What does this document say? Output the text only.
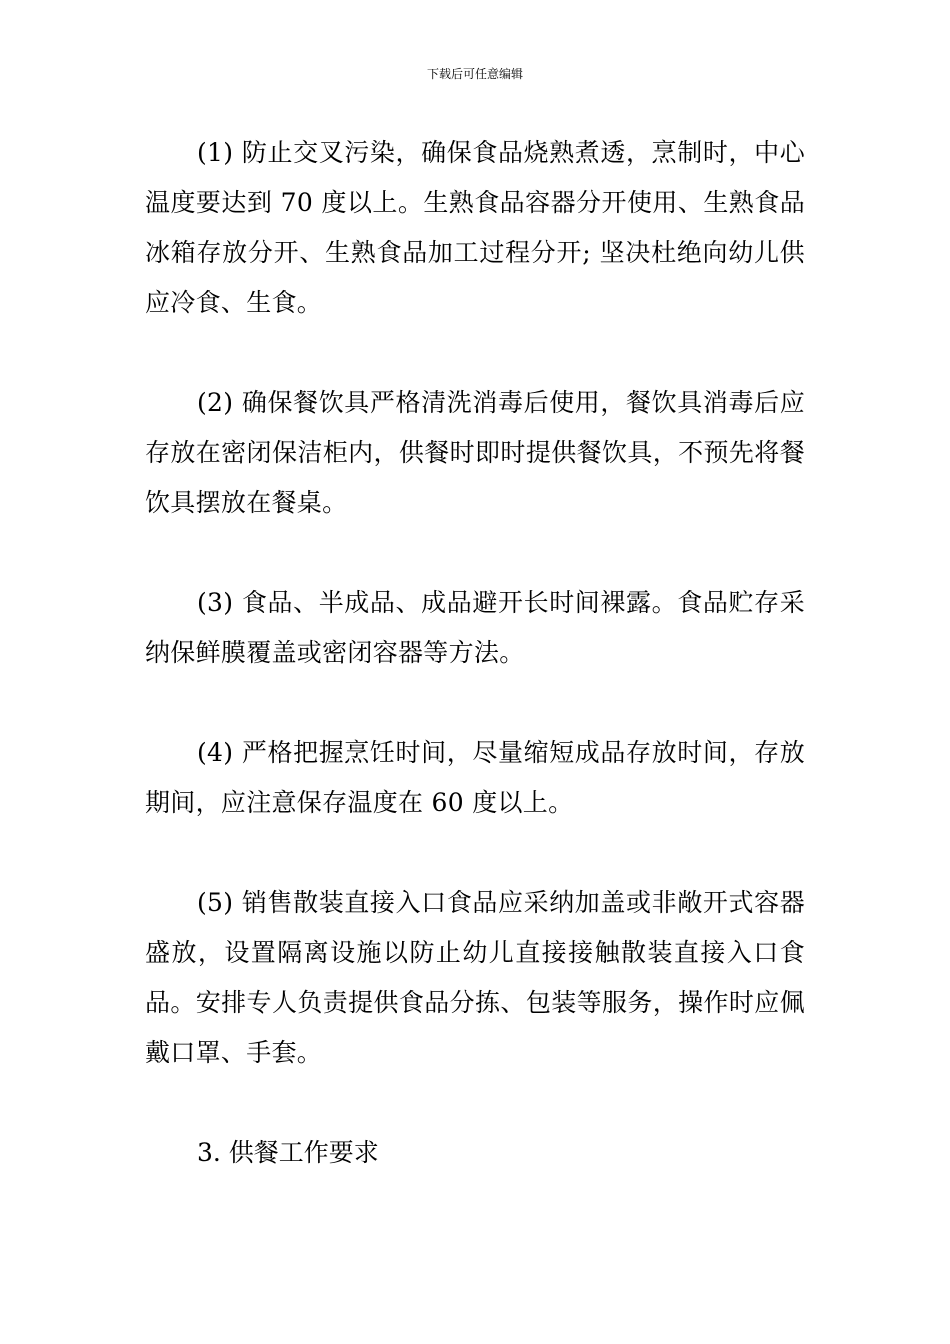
下载后可任意编辑

(1) 防止交叉污染，确保食品烧熟煮透，烹制时，中心温度要达到 70 度以上。生熟食品容器分开使用、生熟食品冰箱存放分开、生熟食品加工过程分开; 坚决杜绝向幼儿供应冷食、生食。

(2) 确保餐饮具严格清洗消毒后使用，餐饮具消毒后应存放在密闭保洁柜内，供餐时即时提供餐饮具，不预先将餐饮具摆放在餐桌。

(3) 食品、半成品、成品避开长时间裸露。食品贮存采纳保鲜膜覆盖或密闭容器等方法。

(4) 严格把握烹饪时间，尽量缩短成品存放时间，存放期间，应注意保存温度在 60 度以上。

(5) 销售散装直接入口食品应采纳加盖或非敞开式容器盛放，设置隔离设施以防止幼儿直接接触散装直接入口食品。安排专人负责提供食品分拣、包装等服务，操作时应佩戴口罩、手套。

3. 供餐工作要求
